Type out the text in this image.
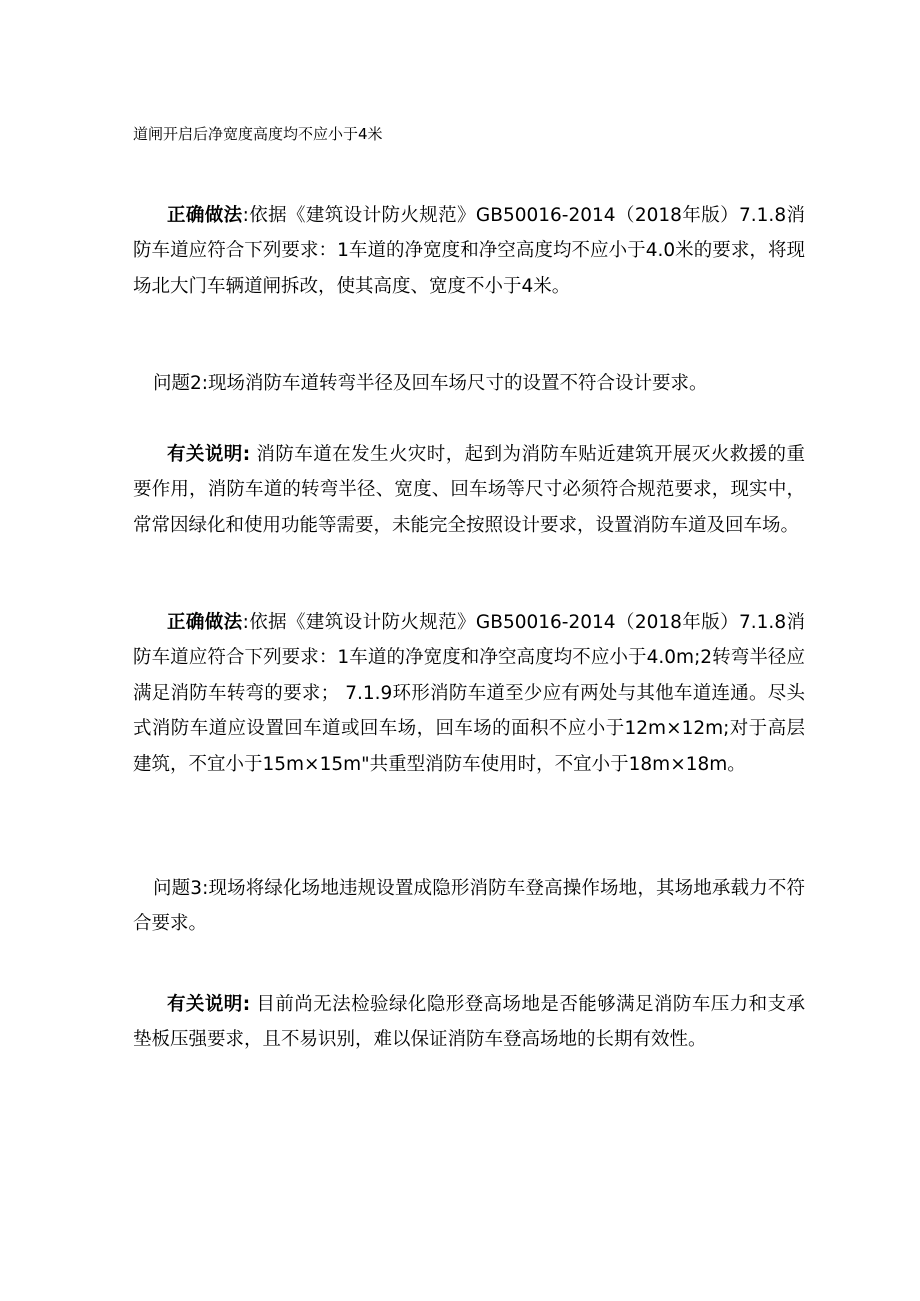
道闸开启后净宽度高度均不应小于4米

正确做法:依据《建筑设计防火规范》GB50016-2014（2018年版）7.1.8消防车道应符合下列要求：1车道的净宽度和净空高度均不应小于4.0米的要求，将现场北大门车辆道闸拆改，使其高度、宽度不小于4米。

问题2:现场消防车道转弯半径及回车场尺寸的设置不符合设计要求。

有关说明: 消防车道在发生火灾时，起到为消防车贴近建筑开展灭火救援的重要作用，消防车道的转弯半径、宽度、回车场等尺寸必须符合规范要求，现实中，常常因绿化和使用功能等需要，未能完全按照设计要求，设置消防车道及回车场。

正确做法:依据《建筑设计防火规范》GB50016-2014（2018年版）7.1.8消防车道应符合下列要求：1车道的净宽度和净空高度均不应小于4.0m;2转弯半径应满足消防车转弯的要求； 7.1.9环形消防车道至少应有两处与其他车道连通。尽头式消防车道应设置回车道或回车场，回车场的面积不应小于12m×12m;对于高层建筑，不宜小于15m×15m"共重型消防车使用时，不宜小于18m×18m。

问题3:现场将绿化场地违规设置成隐形消防车登高操作场地，其场地承载力不符合要求。

有关说明: 目前尚无法检验绿化隐形登高场地是否能够满足消防车压力和支承垫板压强要求，且不易识别，难以保证消防车登高场地的长期有效性。
